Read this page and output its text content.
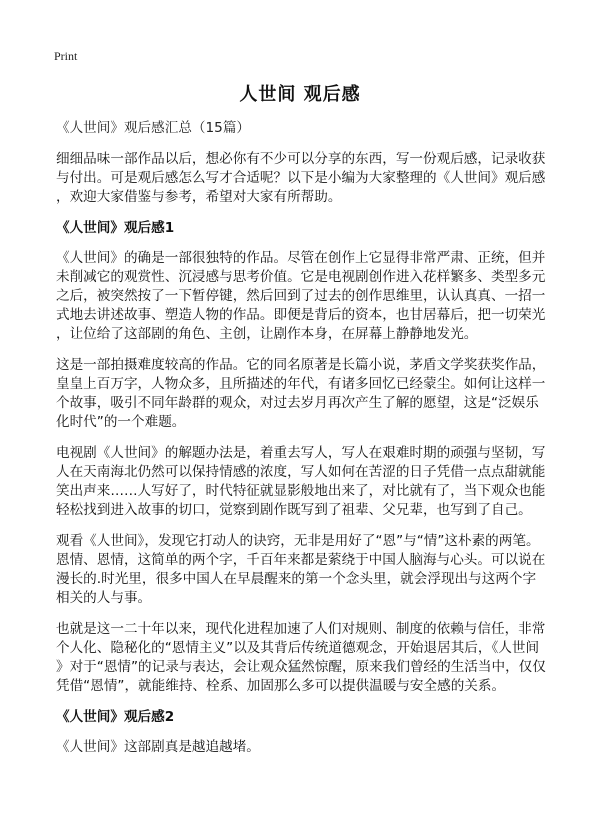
Print
人世间 观后感
《人世间》观后感汇总（15篇）
细细品味一部作品以后，想必你有不少可以分享的东西，写一份观后感，记录收获
与付出。可是观后感怎么写才合适呢？以下是小编为大家整理的《人世间》观后感
，欢迎大家借鉴与参考，希望对大家有所帮助。
《人世间》观后感1
《人世间》的确是一部很独特的作品。尽管在创作上它显得非常严肃、正统，但并
未削减它的观赏性、沉浸感与思考价值。它是电视剧创作进入花样繁多、类型多元
之后，被突然按了一下暂停键，然后回到了过去的创作思维里，认认真真、一招一
式地去讲述故事、塑造人物的作品。即便是背后的资本，也甘居幕后，把一切荣光
，让位给了这部剧的角色、主创，让剧作本身，在屏幕上静静地发光。
这是一部拍摄难度较高的作品。它的同名原著是长篇小说，茅盾文学奖获奖作品，
皇皇上百万字，人物众多，且所描述的年代，有诸多回忆已经蒙尘。如何让这样一
个故事，吸引不同年龄群的观众，对过去岁月再次产生了解的愿望，这是“泛娱乐
化时代”的一个难题。
电视剧《人世间》的解题办法是，着重去写人，写人在艰难时期的顽强与坚韧，写
人在天南海北仍然可以保持情感的浓度，写人如何在苦涩的日子凭借一点点甜就能
笑出声来……人写好了，时代特征就显影般地出来了，对比就有了，当下观众也能
轻松找到进入故事的切口，觉察到剧作既写到了祖辈、父兄辈，也写到了自己。
观看《人世间》，发现它打动人的诀窍，无非是用好了“恩”与“情”这朴素的两笔。
恩情、恩情，这简单的两个字，千百年来都是萦绕于中国人脑海与心头。可以说在
漫长的.时光里，很多中国人在早晨醒来的第一个念头里，就会浮现出与这两个字
相关的人与事。
也就是这一二十年以来，现代化进程加速了人们对规则、制度的依赖与信任，非常
个人化、隐秘化的“恩情主义”以及其背后传统道德观念，开始退居其后，《人世间
》对于“恩情”的记录与表达，会让观众猛然惊醒，原来我们曾经的生活当中，仅仅
凭借“恩情”，就能维持、栓系、加固那么多可以提供温暖与安全感的关系。
《人世间》观后感2
《人世间》这部剧真是越追越堵。
